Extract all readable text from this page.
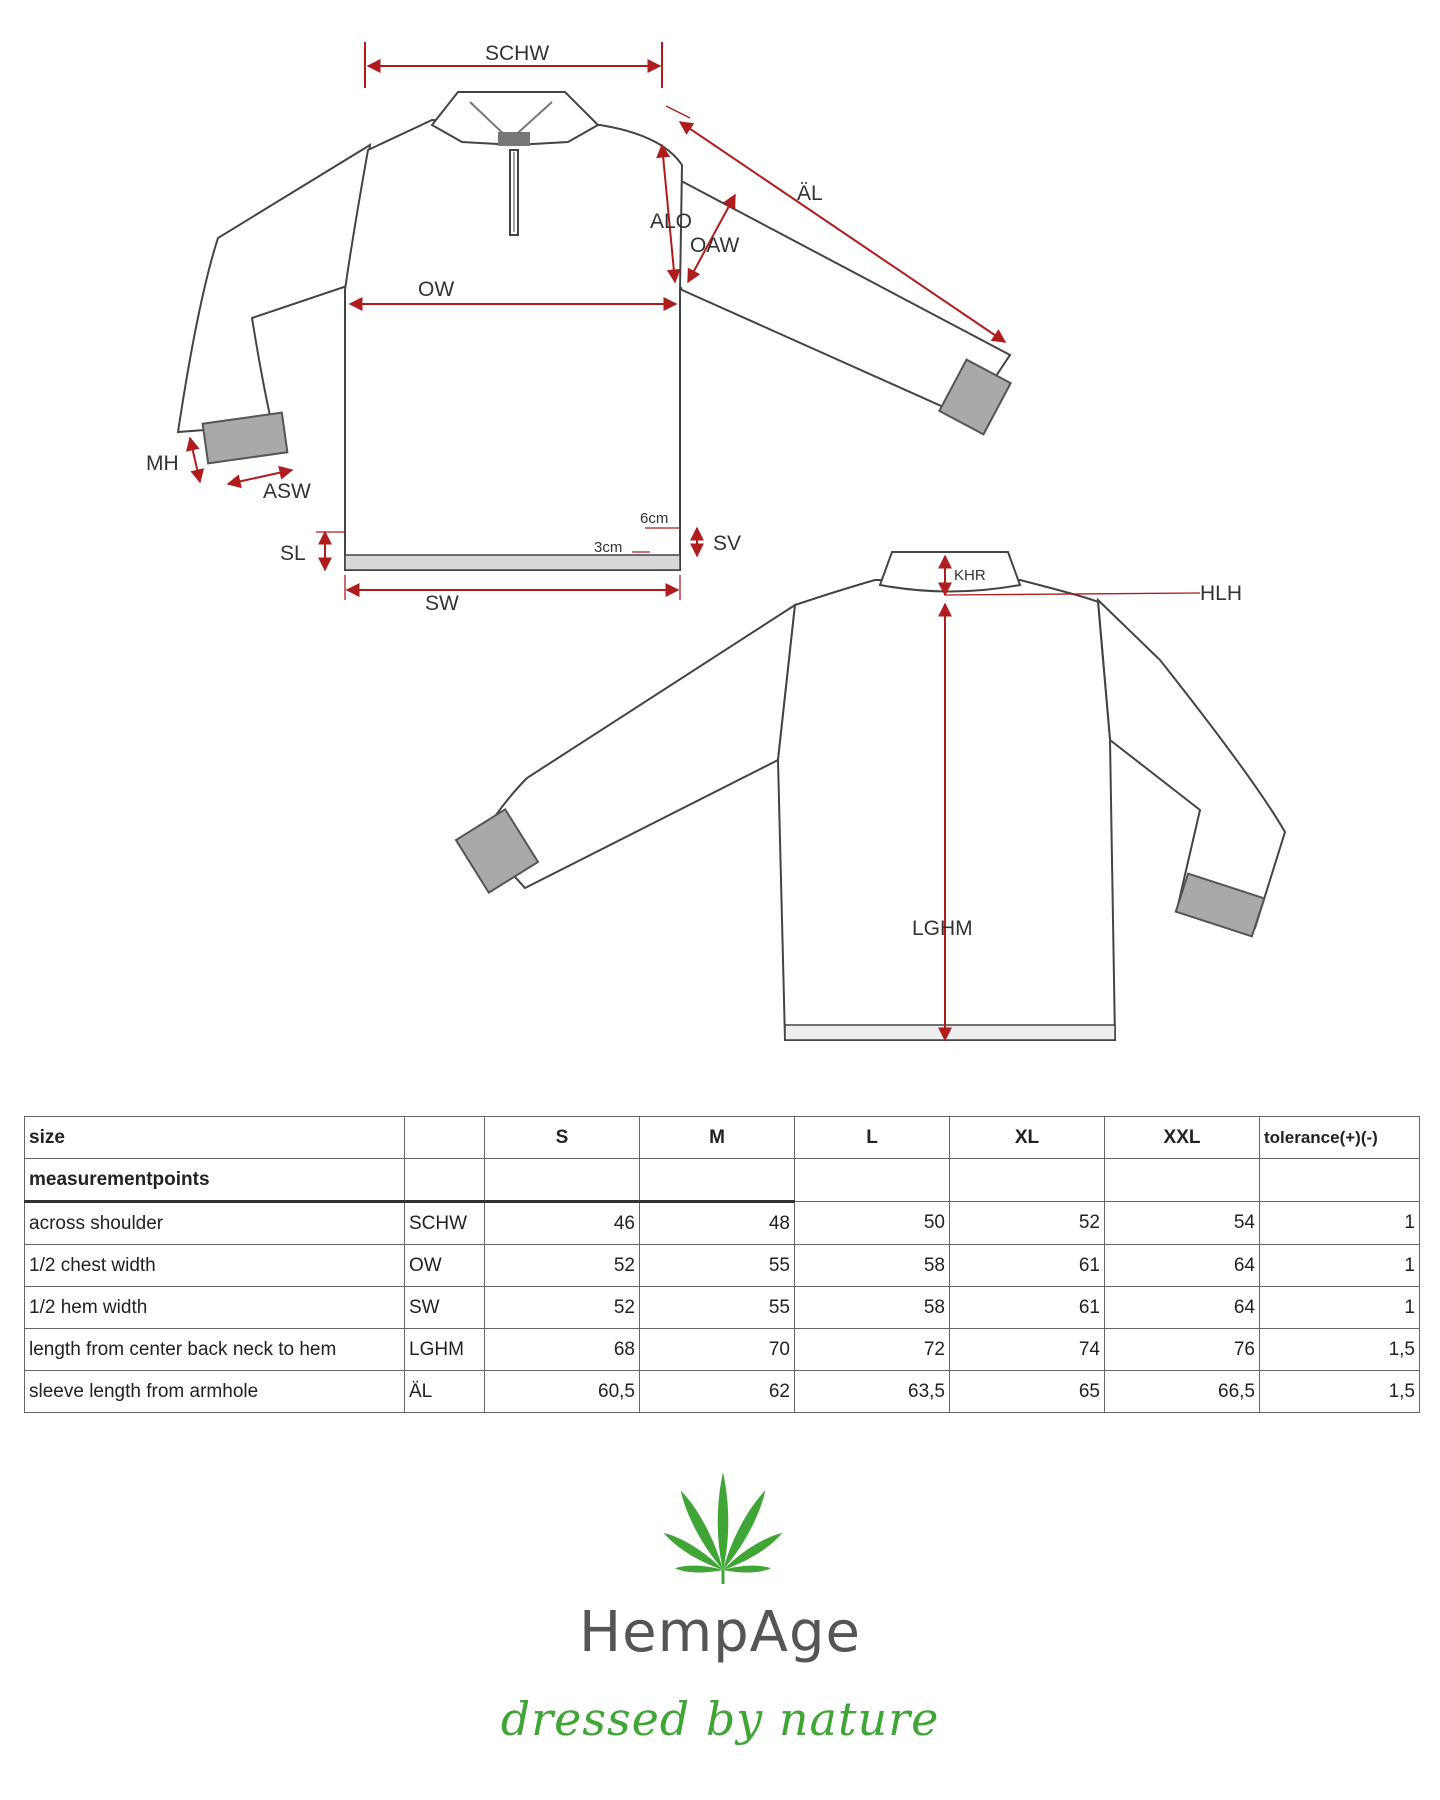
SCHW
ÄL
ALO
OAW
OW
MH
ASW
SL
SW
SV
6cm
3cm
KHR
HLH
LGHM
size		S	M	L	XL	XXL	tolerance(+)(-)
measurementpoints							
across shoulder	SCHW	46	48	50	52	54	1
1/2 chest width	OW	52	55	58	61	64	1
1/2 hem width	SW	52	55	58	61	64	1
length from center back neck to hem	LGHM	68	70	72	74	76	1,5
sleeve length from armhole	ÄL	60,5	62	63,5	65	66,5	1,5
HempAge
dressed by nature
